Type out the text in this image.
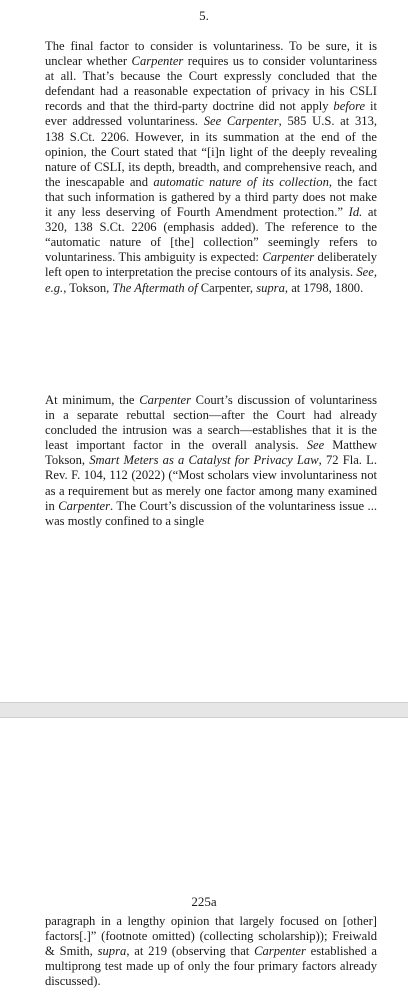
5.

The final factor to consider is voluntariness. To be sure, it is unclear whether Carpenter requires us to consider voluntariness at all. That’s because the Court expressly concluded that the defendant had a reasonable expectation of privacy in his CSLI records and that the third-party doctrine did not apply before it ever addressed voluntariness. See Carpenter, 585 U.S. at 313, 138 S.Ct. 2206. However, in its summation at the end of the opinion, the Court stated that “[i]n light of the deeply revealing nature of CSLI, its depth, breadth, and comprehensive reach, and the inescapable and automatic nature of its collection, the fact that such information is gathered by a third party does not make it any less deserving of Fourth Amendment protection.” Id. at 320, 138 S.Ct. 2206 (emphasis added). The reference to the “automatic nature of [the] collection” seemingly refers to voluntariness. This ambiguity is expected: Carpenter deliberately left open to interpretation the precise contours of its analysis. See, e.g., Tokson, The Aftermath of Carpenter, supra, at 1798, 1800.

At minimum, the Carpenter Court’s discussion of voluntariness in a separate rebuttal section—after the Court had already concluded the intrusion was a search—establishes that it is the least important factor in the overall analysis. See Matthew Tokson, Smart Meters as a Catalyst for Privacy Law, 72 Fla. L. Rev. F. 104, 112 (2022) (“Most scholars view involuntariness not as a requirement but as merely one factor among many examined in Carpenter. The Court’s discussion of the voluntariness issue ... was mostly confined to a single

225a

paragraph in a lengthy opinion that largely focused on [other] factors[.]” (footnote omitted) (collecting scholarship)); Freiwald & Smith, supra, at 219 (observing that Carpenter established a multiprong test made up of only the four primary factors already discussed).
